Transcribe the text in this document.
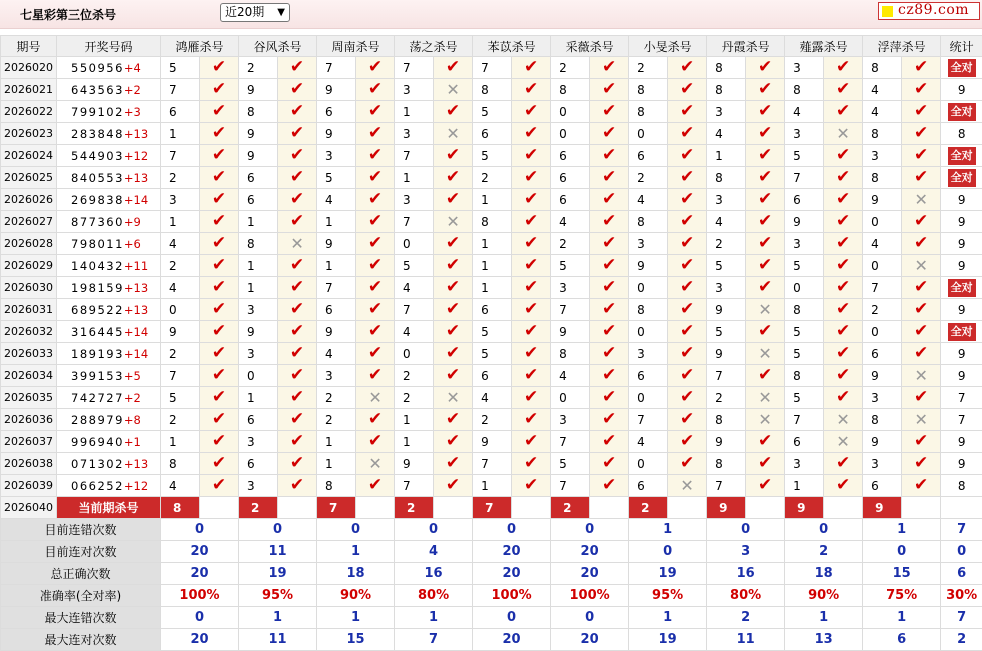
七星彩第三位杀号	近20期 ▼	cz89.com
期号	开奖号码	鸿雁杀号		谷风杀号		周南杀号		荡之杀号		苯苡杀号		采薇杀号		小旻杀号		丹霞杀号		薤露杀号		浮萍杀号		统计
2026020	550956+4	5	✔	2	✔	7	✔	7	✔	7	✔	2	✔	2	✔	8	✔	3	✔	8	✔	全对
2026021	643563+2	7	✔	9	✔	9	✔	3	✕	8	✔	8	✔	8	✔	8	✔	8	✔	4	✔	9
2026022	799102+3	6	✔	8	✔	6	✔	1	✔	5	✔	0	✔	8	✔	3	✔	4	✔	4	✔	全对
2026023	283848+13	1	✔	9	✔	9	✔	3	✕	6	✔	0	✔	0	✔	4	✔	3	✕	8	✔	8
2026024	544903+12	7	✔	9	✔	3	✔	7	✔	5	✔	6	✔	6	✔	1	✔	5	✔	3	✔	全对
2026025	840553+13	2	✔	6	✔	5	✔	1	✔	2	✔	6	✔	2	✔	8	✔	7	✔	8	✔	全对
2026026	269838+14	3	✔	6	✔	4	✔	3	✔	1	✔	6	✔	4	✔	3	✔	6	✔	9	✕	9
2026027	877360+9	1	✔	1	✔	1	✔	7	✕	8	✔	4	✔	8	✔	4	✔	9	✔	0	✔	9
2026028	798011+6	4	✔	8	✕	9	✔	0	✔	1	✔	2	✔	3	✔	2	✔	3	✔	4	✔	9
2026029	140432+11	2	✔	1	✔	1	✔	5	✔	1	✔	5	✔	9	✔	5	✔	5	✔	0	✕	9
2026030	198159+13	4	✔	1	✔	7	✔	4	✔	1	✔	3	✔	0	✔	3	✔	0	✔	7	✔	全对
2026031	689522+13	0	✔	3	✔	6	✔	7	✔	6	✔	7	✔	8	✔	9	✕	8	✔	2	✔	9
2026032	316445+14	9	✔	9	✔	9	✔	4	✔	5	✔	9	✔	0	✔	5	✔	5	✔	0	✔	全对
2026033	189193+14	2	✔	3	✔	4	✔	0	✔	5	✔	8	✔	3	✔	9	✕	5	✔	6	✔	9
2026034	399153+5	7	✔	0	✔	3	✔	2	✔	6	✔	4	✔	6	✔	7	✔	8	✔	9	✕	9
2026035	742727+2	5	✔	1	✔	2	✕	2	✕	4	✔	0	✔	0	✔	2	✕	5	✔	3	✔	7
2026036	288979+8	2	✔	6	✔	2	✔	1	✔	2	✔	3	✔	7	✔	8	✕	7	✕	8	✕	7
2026037	996940+1	1	✔	3	✔	1	✔	1	✔	9	✔	7	✔	4	✔	9	✔	6	✕	9	✔	9
2026038	071302+13	8	✔	6	✔	1	✕	9	✔	7	✔	5	✔	0	✔	8	✔	3	✔	3	✔	9
2026039	066252+12	4	✔	3	✔	8	✔	7	✔	1	✔	7	✔	6	✕	7	✔	1	✔	6	✔	8
2026040	当前期杀号	8		2		7		2		7		2		2		9		9		9		
目前连错次数		0		0		0		0		0		0		1		0		0		1		7
目前连对次数		20		11		1		4		20		20		0		3		2		0		0
总正确次数		20		19		18		16		20		20		19		16		18		15		6
准确率(全对率)		100%		95%		90%		80%		100%		100%		95%		80%		90%		75%		30%
最大连错次数		0		1		1		1		0		0		1		2		1		1		7
最大连对次数		20		11		15		7		20		20		19		11		13		6		2
